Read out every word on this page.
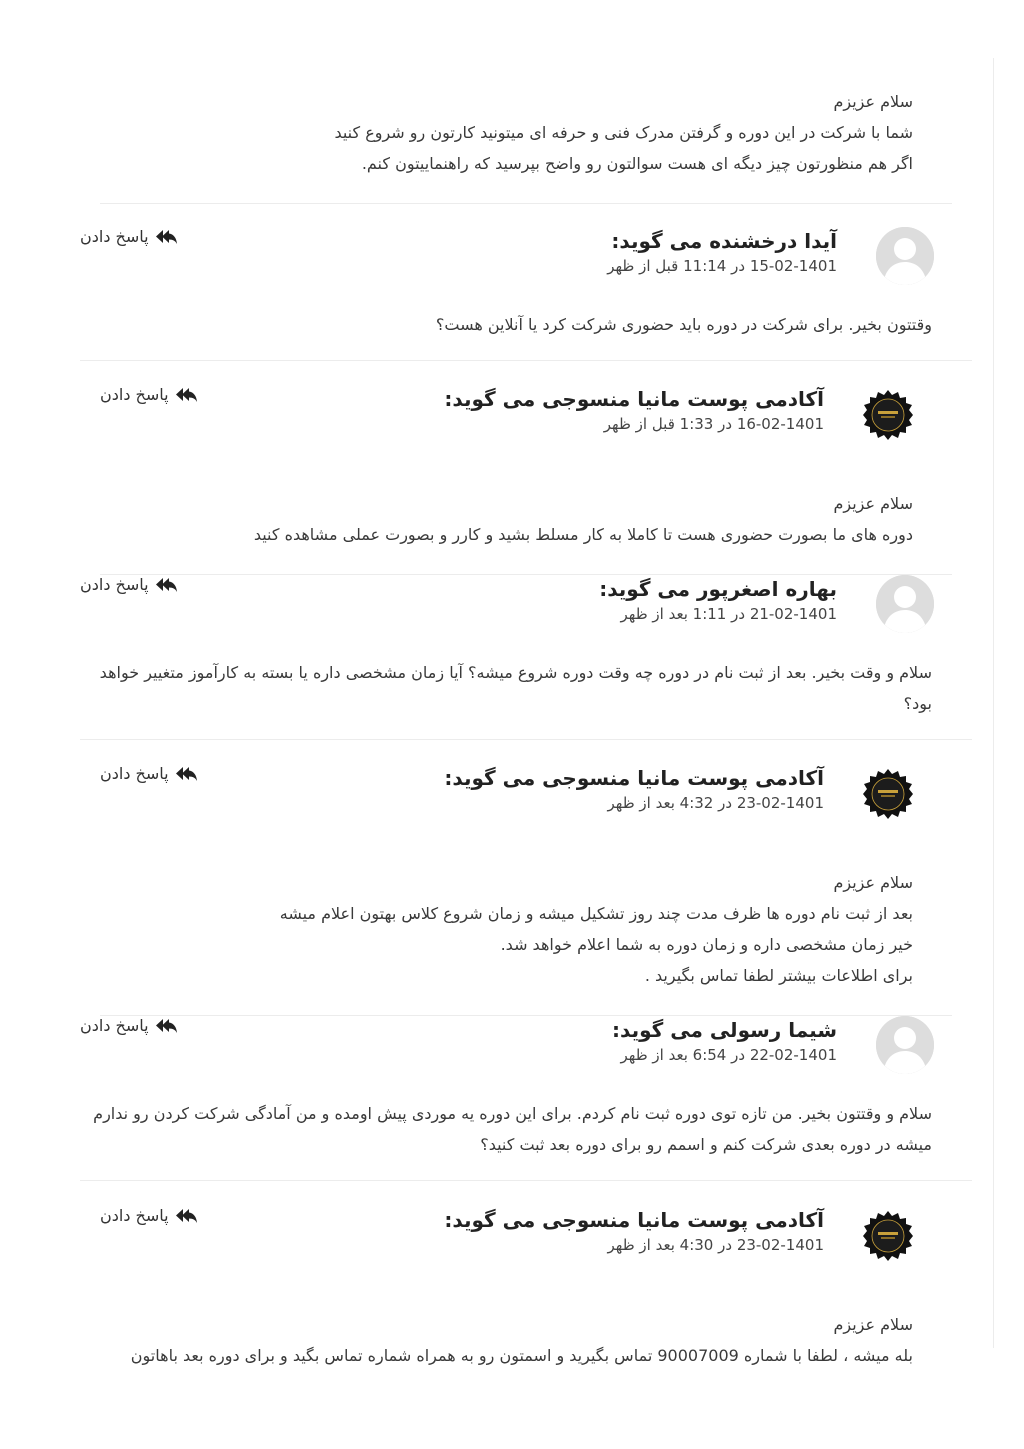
سلام عزیزم

شما با شرکت در این دوره و گرفتن مدرک فنی و حرفه ای میتونید کارتون رو شروع کنید

اگر هم منظورتون چیز دیگه ای هست سوالتون رو واضح بپرسید که راهنماییتون کنم.

آیدا درخشنده می گوید:
15-02-1401 در 11:14 قبل از ظهر
پاسخ دادن

وقتتون بخیر. برای شرکت در دوره باید حضوری شرکت کرد یا آنلاین هست؟

آکادمی پوست مانیا منسوجی می گوید:
16-02-1401 در 1:33 قبل از ظهر
پاسخ دادن

سلام عزیزم

دوره های ما بصورت حضوری هست تا کاملا به کار مسلط بشید و کارر و بصورت عملی مشاهده کنید

بهاره اصغرپور می گوید:
21-02-1401 در 1:11 بعد از ظهر
پاسخ دادن

سلام و وقت بخیر. بعد از ثبت نام در دوره چه وقت دوره شروع میشه؟ آیا زمان مشخصی داره یا بسته به کارآموز متغییر خواهد

بود؟

آکادمی پوست مانیا منسوجی می گوید:
23-02-1401 در 4:32 بعد از ظهر
پاسخ دادن

سلام عزیزم

بعد از ثبت نام دوره ها ظرف مدت چند روز تشکیل میشه و زمان شروع کلاس بهتون اعلام میشه

خیر زمان مشخصی داره و زمان دوره به شما اعلام خواهد شد.

برای اطلاعات بیشتر لطفا تماس بگیرید .

شیما رسولی می گوید:
22-02-1401 در 6:54 بعد از ظهر
پاسخ دادن

سلام و وقتتون بخیر. من تازه توی دوره ثبت نام کردم. برای این دوره یه موردی پیش اومده و من آمادگی شرکت کردن رو ندارم

میشه در دوره بعدی شرکت کنم و اسمم رو برای دوره بعد ثبت کنید؟

آکادمی پوست مانیا منسوجی می گوید:
23-02-1401 در 4:30 بعد از ظهر
پاسخ دادن

سلام عزیزم

بله میشه ، لطفا با شماره 90007009 تماس بگیرید و اسمتون رو به همراه شماره تماس بگید و برای دوره بعد باهاتون
